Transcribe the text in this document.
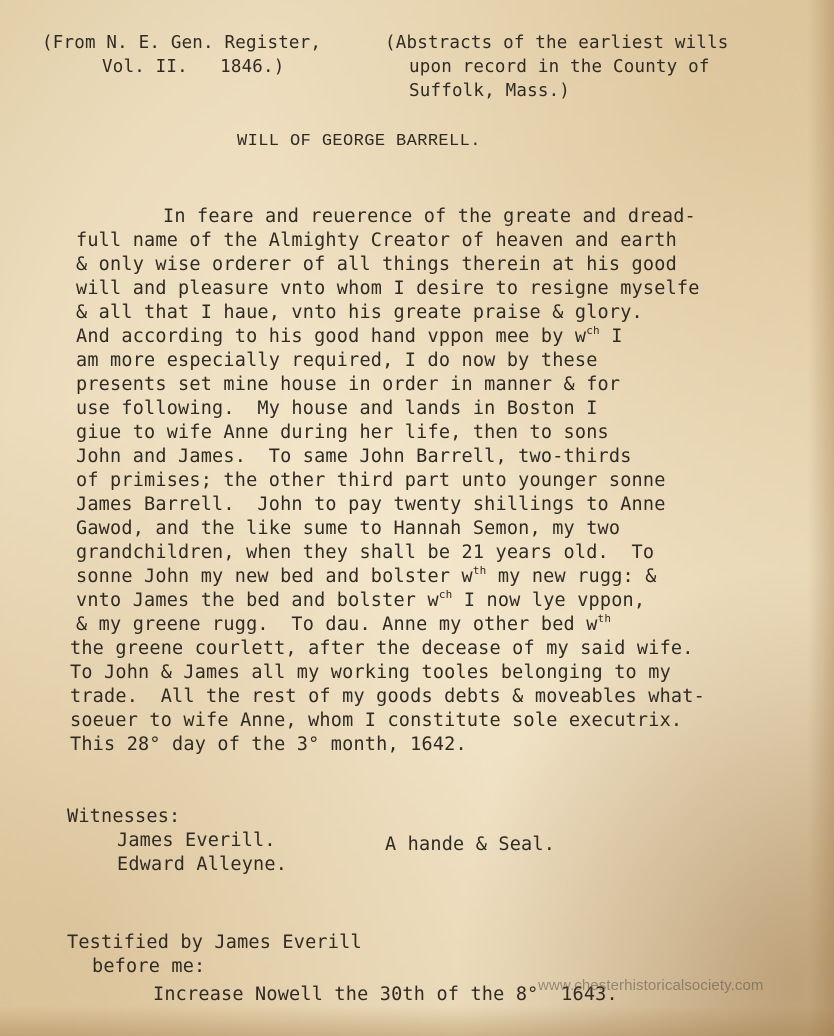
(From N. E. Gen. Register,
Vol. II.   1846.)
(Abstracts of the earliest wills
upon record in the County of
Suffolk, Mass.)
WILL OF GEORGE BARRELL.
In feare and reuerence of the greate and dread-
full name of the Almighty Creator of heaven and earth
& only wise orderer of all things therein at his good
will and pleasure vnto whom I desire to resigne myselfe
& all that I haue, vnto his greate praise & glory.
And according to his good hand vppon mee by $w^{ch}$ I
am more especially required, I do now by these
presents set mine house in order in manner & for
use following.  My house and lands in Boston I
giue to wife Anne during her life, then to sons
John and James.  To same John Barrell, two-thirds
of primises; the other third part unto younger sonne
James Barrell.  John to pay twenty shillings to Anne
Gawod, and the like sume to Hannah Semon, my two
grandchildren, when they shall be 21 years old.  To
sonne John my new bed and bolster $w^{th}$ my new rugg: &
vnto James the bed and bolster $w^{ch}$ I now lye vppon,
& my greene rugg.  To dau. Anne my other bed $w^{th}$
the greene courlett, after the decease of my said wife.
To John & James all my working tooles belonging to my
trade.  All the rest of my goods debts & moveables what-
soeuer to wife Anne, whom I constitute sole executrix.
This 28° day of the 3° month, 1642.
Witnesses:
James Everill.
Edward Alleyne.
A hande & Seal.
Testified by James Everill
before me:
Increase Nowell the 30th of the 8°  1643.
www.chesterhistoricalsociety.com
